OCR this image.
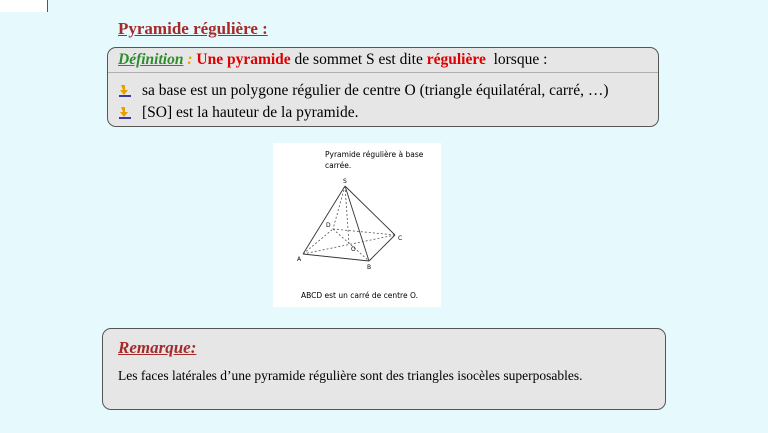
Pyramide régulière :
Définition : Une pyramide de sommet S est dite régulière  lorsque :
sa base est un polygone régulier de centre O (triangle équilatéral, carré, …)
[SO] est la hauteur de la pyramide.
Pyramide régulière à base
carrée.
S
D
O
C
A
B
ABCD est un carré de centre O.
Remarque:
Les faces latérales d’une pyramide régulière sont des triangles isocèles superposables.
